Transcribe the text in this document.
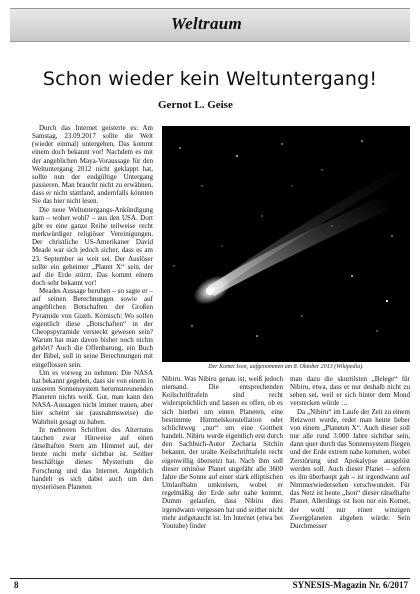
Weltraum
Schon wieder kein Weltuntergang!
Gernot L. Geise

Durch das Internet geisterte es: Am Samstag, 23.09.2017 sollte die Welt (wieder einmal) untergehen. Das kommt einem doch bekannt vor! Nachdem es mit der angeblichen Maya-Voraussage für den Weltuntergang 2012 nicht geklappt hat, sollte nun der endgültige Untergang passieren. Man braucht nicht zu erwähnen, dass er nicht stattfand, andernfalls könnten Sie das hier nicht lesen.

Die neue Weltuntergangs-Ankündigung kam – woher wohl? – aus den USA. Dort gibt es eine ganze Reihe teilweise recht merkwürdiger religiöser Vereinigungen. Der christliche US-Amerikaner David Meade war sich jedoch sicher, dass es am 23. September so weit sei. Der Auslöser sollte ein geheimer „Planet X“ sein, der auf die Erde stürzt. Das kommt einem doch sehr bekannt vor!

Meades Aussage beruhen – so sagte er – auf seinen Berechnungen sowie auf angeblichen Botschaften der Großen Pyramide von Gizeh. Komisch: Wo sollen eigentlich diese „Botschaften“ in der Cheopspyramide versteckt gewesen sein? Warum hat man davon bisher noch nichts gehört? Auch die Offenbarung, ein Buch der Bibel, soll in seine Berechnungen mit eingeflossen sein.

Um es vorweg zu nehmen: Die NASA hat bekannt gegeben, dass sie von einem in unserem Sonnensystem herumstreunenden Planeten nichts weiß. Gut, man kann den NASA-Aussagen nicht immer trauen, aber hier scheint sie (ausnahmsweise) die Wahrheit gesagt zu haben.

In mehreren Schriften des Altertums tauchen zwar Hinweise auf einen rätselhaften Stern am Himmel auf, der heute nicht mehr sichtbar ist. Seither beschäftige dieses Mysterium die Forschung und das Internet. Angeblich handelt es sich dabei auch um den mysteriösen Planeten

Der Komet Ison, aufgenommen am 8. Oktober 2013 (Wikipedia).

Nibiru. Was Nibiru genau ist, weiß jedoch niemand. Die entsprechenden Keilschrifttafeln sind recht widersprüchlich und lassen es offen, ob es sich hierbei um einen Planeten, eine bestimmte Himmelskonstellation oder schlichtweg „nur“ um eine Gottheit handelt. Nibiru wurde eigentlich erst durch den Sachbuch-Autor Zecharia Sitchin bekannt, der uralte Keilschrifttafeln recht eigenwillig übersetzt hat. Nach ihm soll dieser ominöse Planet ungefähr alle 3600 Jahre die Sonne auf einer stark elliptischen Umlaufbahn umkreisen, wobei er regelmäßig der Erde sehr nahe kommt. Dumm gelaufen, dass Nibiru dies irgendwann vergessen hat und seither nicht mehr aufgetaucht ist. Im Internet (etwa bei Youtube) finder

man dazu die skurrilsten „Belege“ für Nibiru, etwa, dass er nur deshalb nicht zu sehen sei, weil er sich hinter dem Mond verstecken würde …

Da „Nibiru“ im Laufe der Zeit zu einem Reizwort wurde, redet man heute lieber von einem „Planeten X“. Auch dieser soll nur alle rund 3.000 Jahre sichtbar sein, dann quer durch das Sonnensystem fliegen und der Erde extrem nahe kommen, wobei Zerstörung und Apokalypse ausgelöst werden soll. Auch dieser Planet – sofern es ihn überhaupt gab – ist irgendwann auf Nimmerwiedersehen verschwunden. Für das Netz ist heute „Ison“ dieser rätselhafte Planet. Allerdings ist Ison nur ein Komet, der wohl nur einen winzigen Zwergplaneten abgeben würde. Sein Durchmesser

8	SYNESIS-Magazin Nr. 6/2017
